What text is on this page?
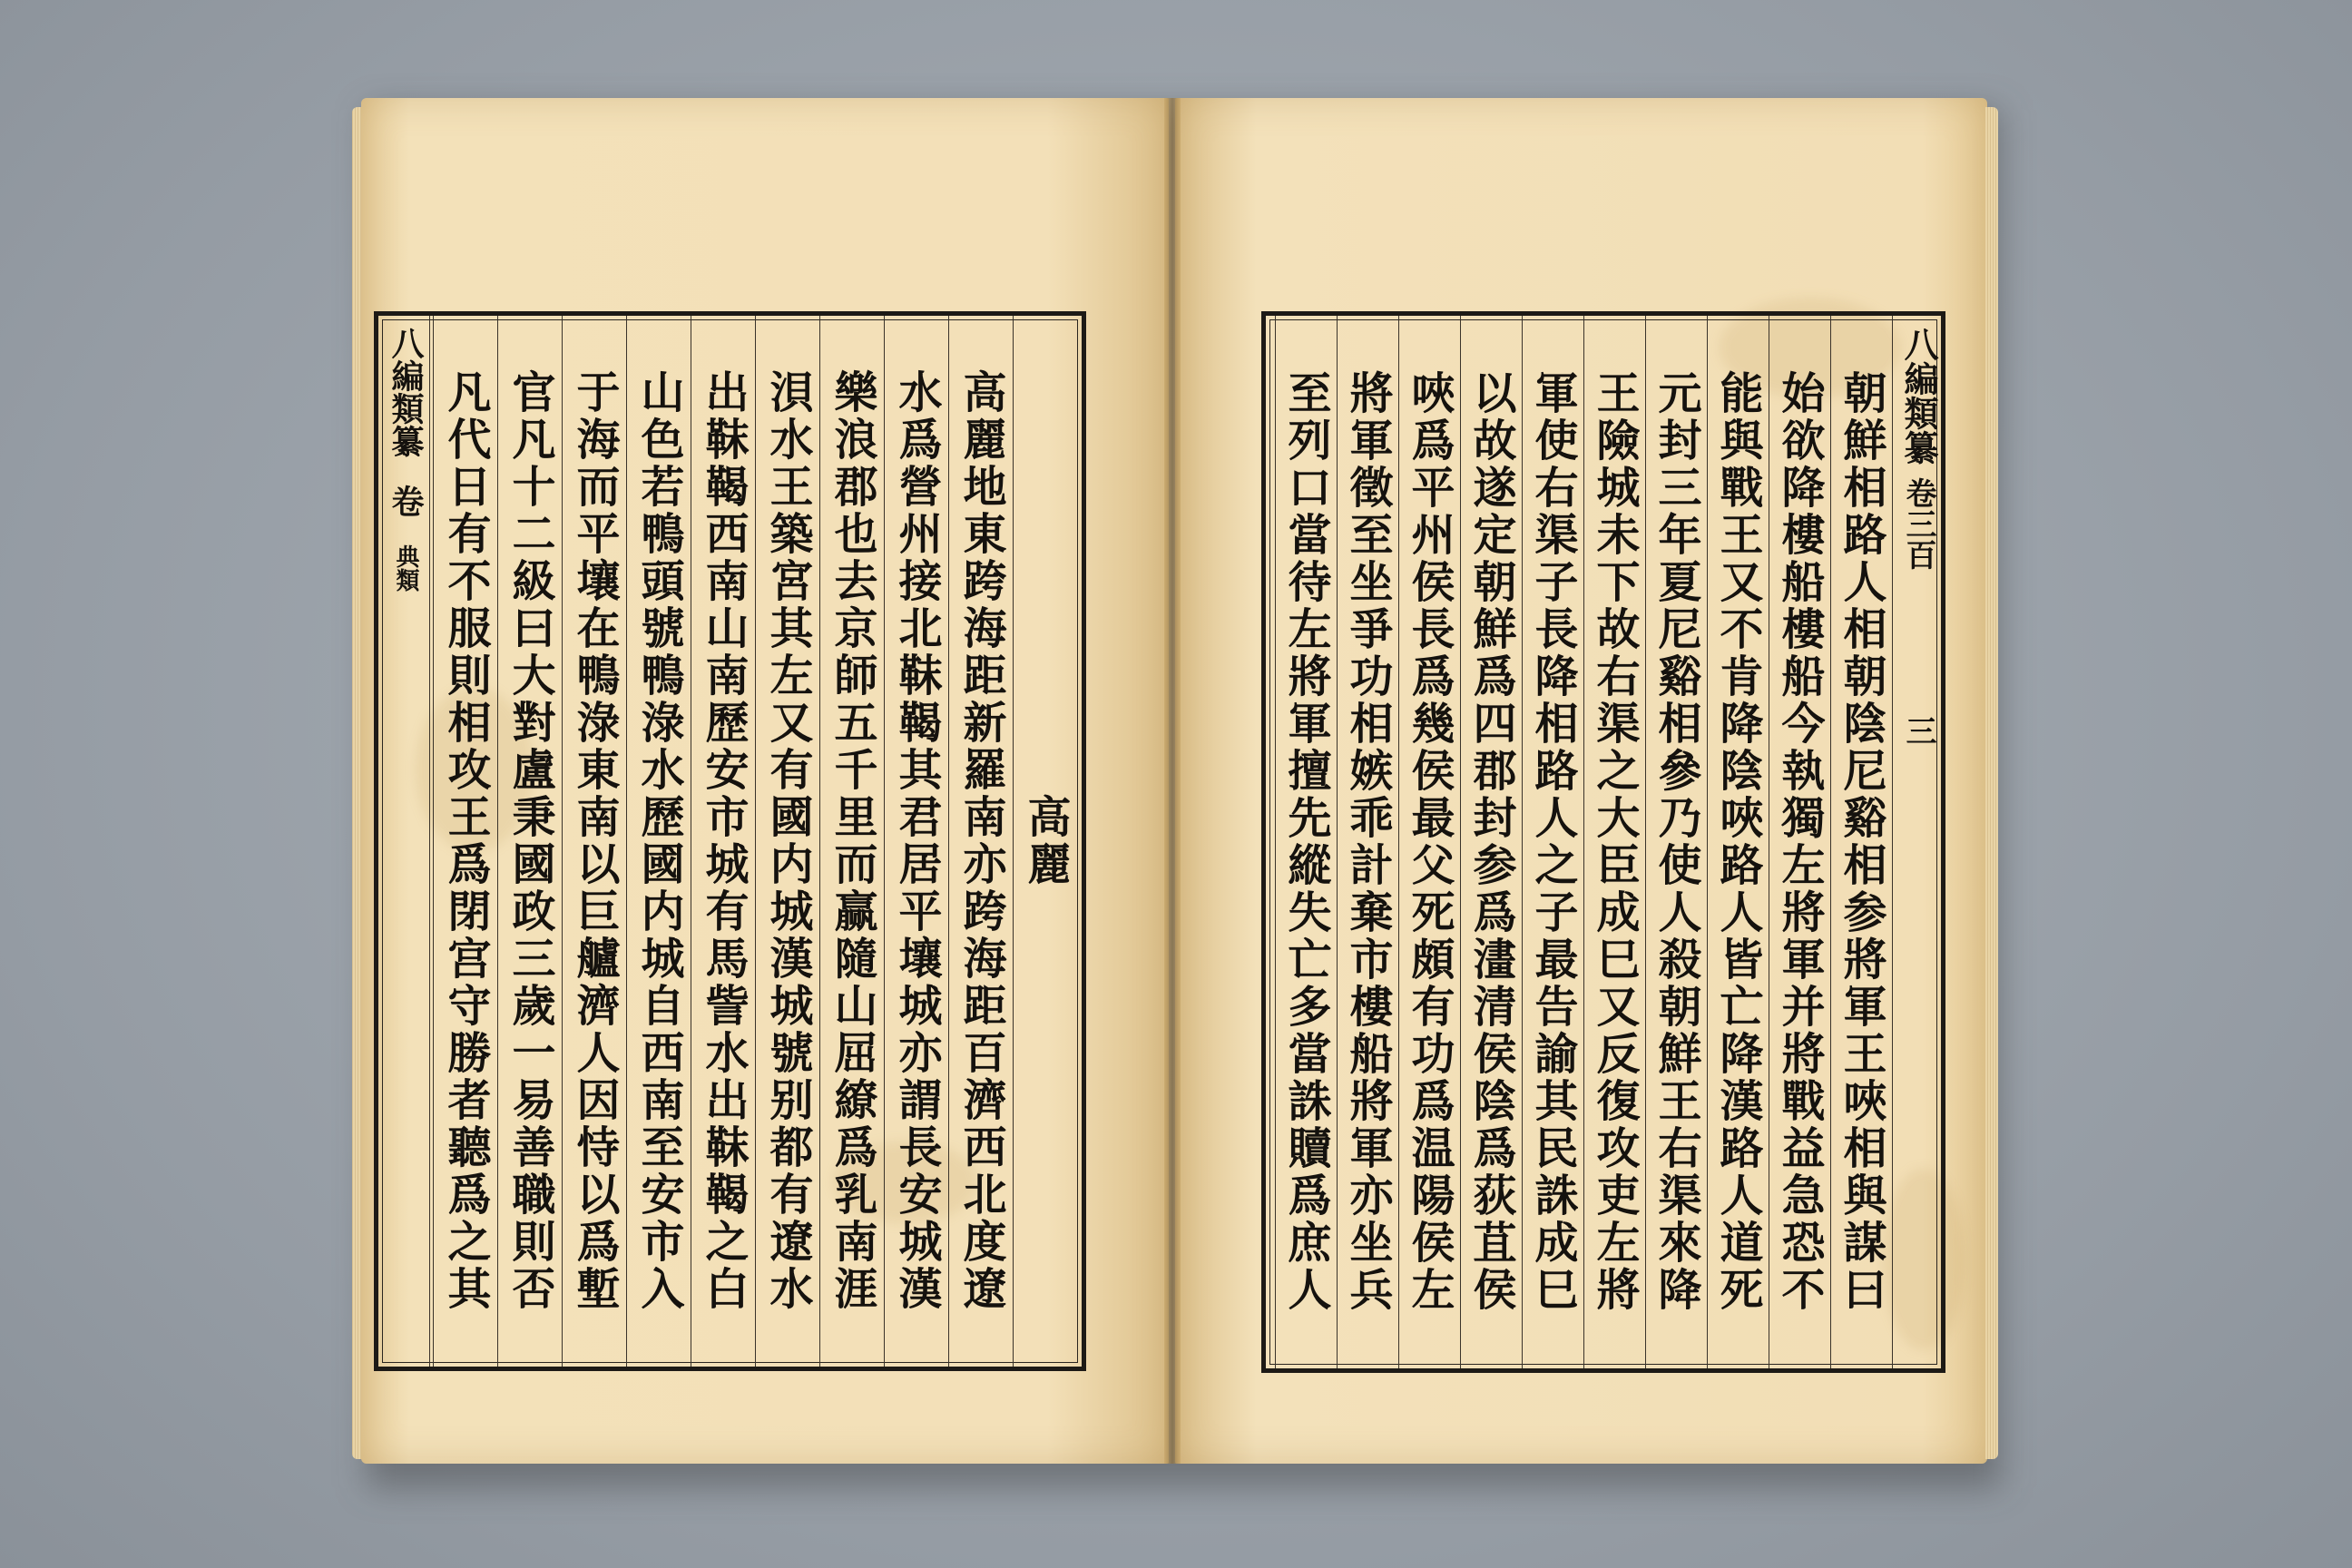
八編類纂
卷
典類
高麗
高麗地東跨海距新羅南亦跨海距百濟西北度遼
水爲營州接北靺鞨其君居平壤城亦謂長安城漢
樂浪郡也去京師五千里而赢隨山屈繚爲乳南涯
浿水王築宮其左又有國内城漢城號别都有遼水
出靺鞨西南山南歷安市城有馬訾水出靺鞨之白
山色若鴨頭號鴨淥水歷國内城自西南至安市入
于海而平壤在鴨淥東南以巨艫濟人因恃以爲塹
官凡十二級曰大對盧秉國政三歲一易善職則否
凡代日有不服則相攻王爲閉宫守勝者聽爲之其	朝鮮相路人相朝陰尼谿相参將軍王唊相與謀曰
始欲降樓船樓船今執獨左將軍并將戰益急恐不
能與戰王又不肯降陰唊路人皆亡降漢路人道死
元封三年夏尼谿相參乃使人殺朝鮮王右渠來降
王險城未下故右渠之大臣成巳又反復攻吏左將
軍使右渠子長降相路人之子最告諭其民誅成巳
以故遂定朝鮮爲四郡封参爲澅清侯陰爲荻苴侯
唊爲平州侯長爲幾侯最父死頗有功爲温陽侯左
將軍徵至坐爭功相嫉乖計棄市樓船將軍亦坐兵
至列口當待左將軍擅先縱失亡多當誅贖爲庶人	八編類纂
卷三百
三
